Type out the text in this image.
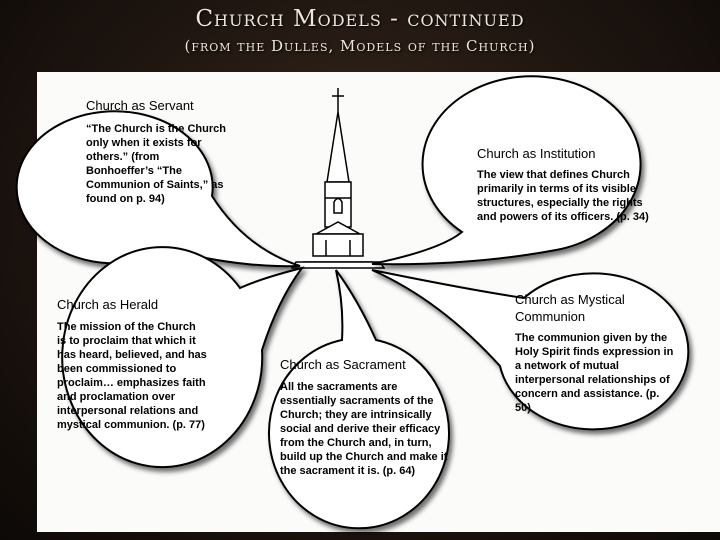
Church Models - continued
(from the Dulles, Models of the Church)
Church as Servant
“The Church is the Church only when it exists for others.” (from Bonhoeffer’s “The Communion of Saints,” as found on p. 94)
Church as Institution
The view that defines Church primarily in terms of its visible structures, especially the rights and powers of its officers. (p. 34)
Church as Herald
The mission of the Church is to proclaim that which it has heard, believed, and has been commissioned to proclaim… emphasizes faith and proclamation over interpersonal relations and mystical communion. (p. 77)
Church as Sacrament
All the sacraments are essentially sacraments of the Church; they are intrinsically social and derive their efficacy from the Church and, in turn, build up the Church and make it the sacrament it is. (p. 64)
Church as Mystical Communion
The communion given by the Holy Spirit finds expression in a network of mutual interpersonal relationships of concern and assistance. (p. 50)
